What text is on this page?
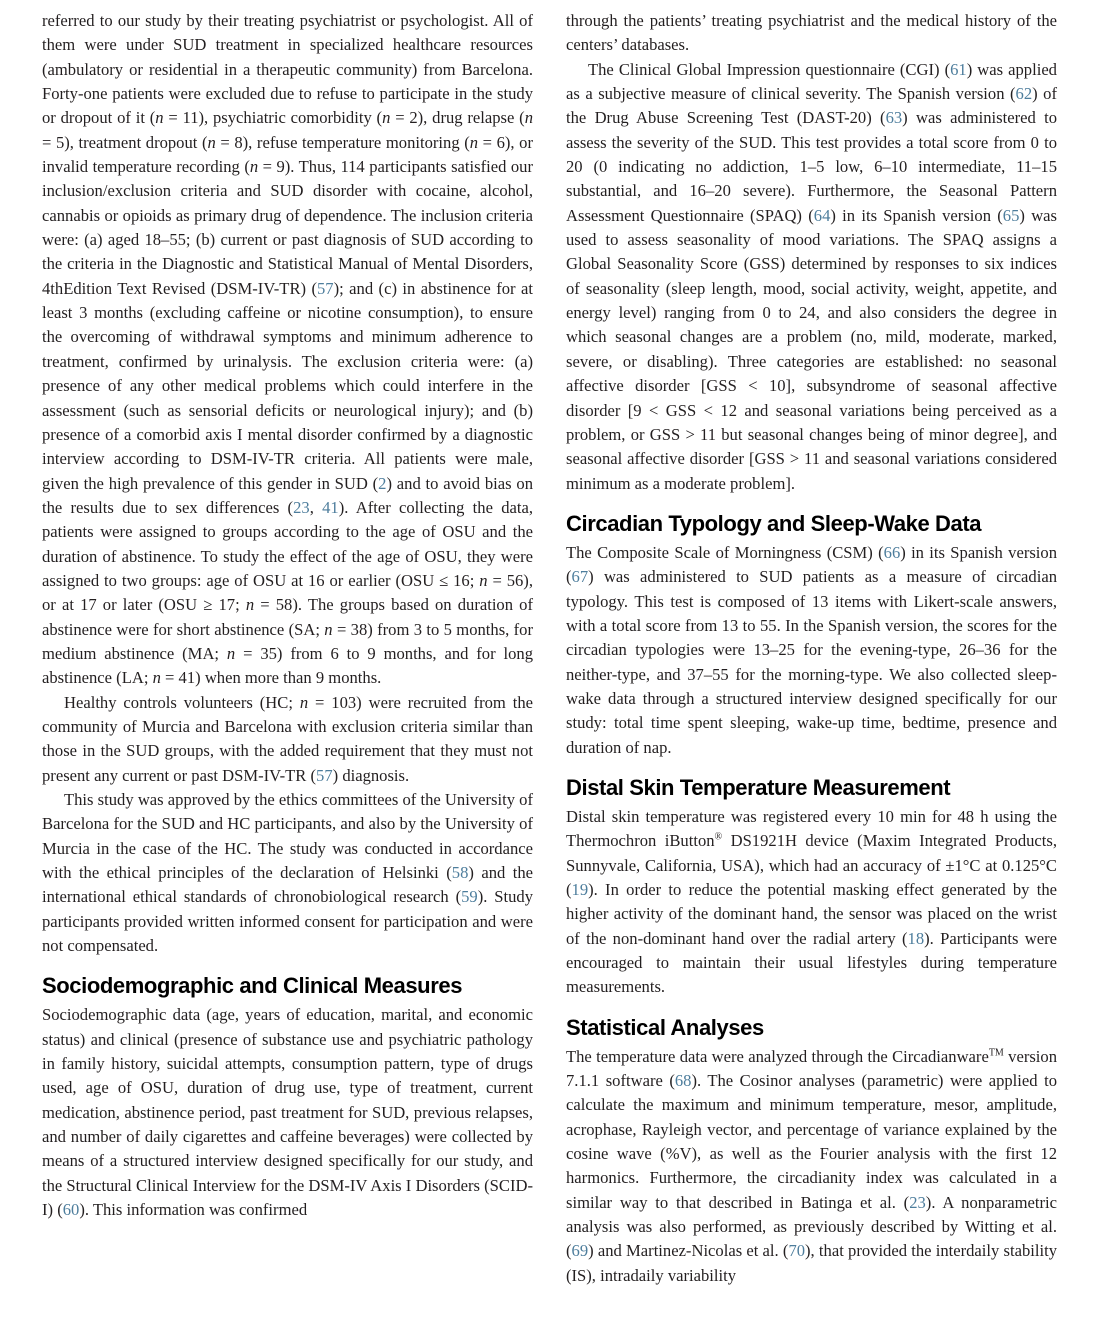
referred to our study by their treating psychiatrist or psychologist. All of them were under SUD treatment in specialized healthcare resources (ambulatory or residential in a therapeutic community) from Barcelona. Forty-one patients were excluded due to refuse to participate in the study or dropout of it (n = 11), psychiatric comorbidity (n = 2), drug relapse (n = 5), treatment dropout (n = 8), refuse temperature monitoring (n = 6), or invalid temperature recording (n = 9). Thus, 114 participants satisfied our inclusion/exclusion criteria and SUD disorder with cocaine, alcohol, cannabis or opioids as primary drug of dependence. The inclusion criteria were: (a) aged 18–55; (b) current or past diagnosis of SUD according to the criteria in the Diagnostic and Statistical Manual of Mental Disorders, 4thEdition Text Revised (DSM-IV-TR) (57); and (c) in abstinence for at least 3 months (excluding caffeine or nicotine consumption), to ensure the overcoming of withdrawal symptoms and minimum adherence to treatment, confirmed by urinalysis. The exclusion criteria were: (a) presence of any other medical problems which could interfere in the assessment (such as sensorial deficits or neurological injury); and (b) presence of a comorbid axis I mental disorder confirmed by a diagnostic interview according to DSM-IV-TR criteria. All patients were male, given the high prevalence of this gender in SUD (2) and to avoid bias on the results due to sex differences (23, 41). After collecting the data, patients were assigned to groups according to the age of OSU and the duration of abstinence. To study the effect of the age of OSU, they were assigned to two groups: age of OSU at 16 or earlier (OSU ≤ 16; n = 56), or at 17 or later (OSU ≥ 17; n = 58). The groups based on duration of abstinence were for short abstinence (SA; n = 38) from 3 to 5 months, for medium abstinence (MA; n = 35) from 6 to 9 months, and for long abstinence (LA; n = 41) when more than 9 months.

Healthy controls volunteers (HC; n = 103) were recruited from the community of Murcia and Barcelona with exclusion criteria similar than those in the SUD groups, with the added requirement that they must not present any current or past DSM-IV-TR (57) diagnosis.

This study was approved by the ethics committees of the University of Barcelona for the SUD and HC participants, and also by the University of Murcia in the case of the HC. The study was conducted in accordance with the ethical principles of the declaration of Helsinki (58) and the international ethical standards of chronobiological research (59). Study participants provided written informed consent for participation and were not compensated.

Sociodemographic and Clinical Measures

Sociodemographic data (age, years of education, marital, and economic status) and clinical (presence of substance use and psychiatric pathology in family history, suicidal attempts, consumption pattern, type of drugs used, age of OSU, duration of drug use, type of treatment, current medication, abstinence period, past treatment for SUD, previous relapses, and number of daily cigarettes and caffeine beverages) were collected by means of a structured interview designed specifically for our study, and the Structural Clinical Interview for the DSM-IV Axis I Disorders (SCID-I) (60). This information was confirmed

through the patients’ treating psychiatrist and the medical history of the centers’ databases.

The Clinical Global Impression questionnaire (CGI) (61) was applied as a subjective measure of clinical severity. The Spanish version (62) of the Drug Abuse Screening Test (DAST-20) (63) was administered to assess the severity of the SUD. This test provides a total score from 0 to 20 (0 indicating no addiction, 1–5 low, 6–10 intermediate, 11–15 substantial, and 16–20 severe). Furthermore, the Seasonal Pattern Assessment Questionnaire (SPAQ) (64) in its Spanish version (65) was used to assess seasonality of mood variations. The SPAQ assigns a Global Seasonality Score (GSS) determined by responses to six indices of seasonality (sleep length, mood, social activity, weight, appetite, and energy level) ranging from 0 to 24, and also considers the degree in which seasonal changes are a problem (no, mild, moderate, marked, severe, or disabling). Three categories are established: no seasonal affective disorder [GSS < 10], subsyndrome of seasonal affective disorder [9 < GSS < 12 and seasonal variations being perceived as a problem, or GSS > 11 but seasonal changes being of minor degree], and seasonal affective disorder [GSS > 11 and seasonal variations considered minimum as a moderate problem].

Circadian Typology and Sleep-Wake Data

The Composite Scale of Morningness (CSM) (66) in its Spanish version (67) was administered to SUD patients as a measure of circadian typology. This test is composed of 13 items with Likert-scale answers, with a total score from 13 to 55. In the Spanish version, the scores for the circadian typologies were 13–25 for the evening-type, 26–36 for the neither-type, and 37–55 for the morning-type. We also collected sleep-wake data through a structured interview designed specifically for our study: total time spent sleeping, wake-up time, bedtime, presence and duration of nap.

Distal Skin Temperature Measurement

Distal skin temperature was registered every 10 min for 48 h using the Thermochron iButton® DS1921H device (Maxim Integrated Products, Sunnyvale, California, USA), which had an accuracy of ±1°C at 0.125°C (19). In order to reduce the potential masking effect generated by the higher activity of the dominant hand, the sensor was placed on the wrist of the non-dominant hand over the radial artery (18). Participants were encouraged to maintain their usual lifestyles during temperature measurements.

Statistical Analyses

The temperature data were analyzed through the Circadianware™ version 7.1.1 software (68). The Cosinor analyses (parametric) were applied to calculate the maximum and minimum temperature, mesor, amplitude, acrophase, Rayleigh vector, and percentage of variance explained by the cosine wave (%V), as well as the Fourier analysis with the first 12 harmonics. Furthermore, the circadianity index was calculated in a similar way to that described in Batinga et al. (23). A nonparametric analysis was also performed, as previously described by Witting et al. (69) and Martinez-Nicolas et al. (70), that provided the interdaily stability (IS), intradaily variability
